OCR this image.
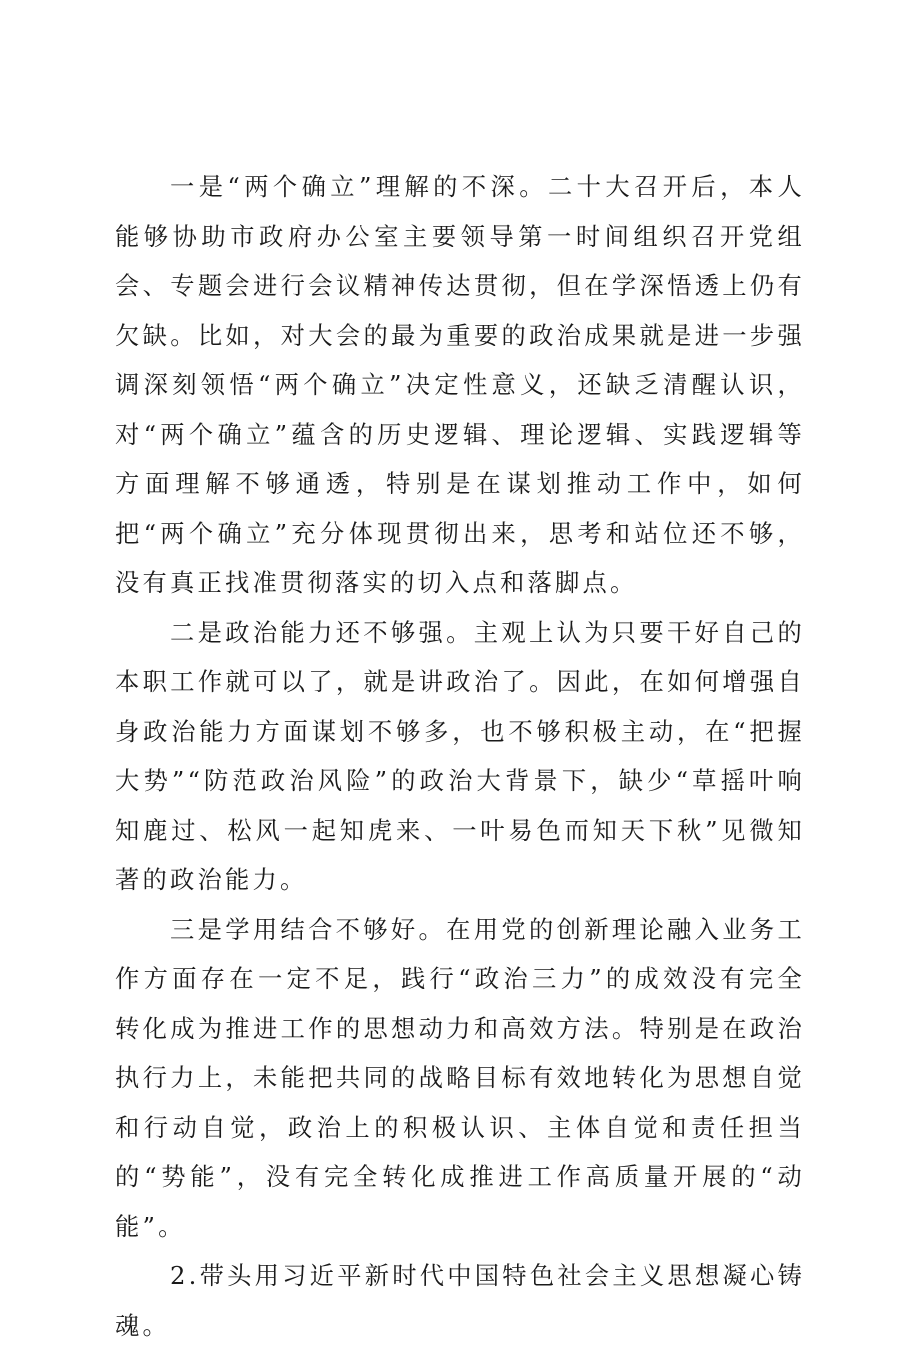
一是“两个确立”理解的不深。二十大召开后，本人能够协助市政府办公室主要领导第一时间组织召开党组会、专题会进行会议精神传达贯彻，但在学深悟透上仍有欠缺。比如，对大会的最为重要的政治成果就是进一步强调深刻领悟“两个确立”决定性意义，还缺乏清醒认识，对“两个确立”蕴含的历史逻辑、理论逻辑、实践逻辑等方面理解不够通透，特别是在谋划推动工作中，如何把“两个确立”充分体现贯彻出来，思考和站位还不够，没有真正找准贯彻落实的切入点和落脚点。

二是政治能力还不够强。主观上认为只要干好自己的本职工作就可以了，就是讲政治了。因此，在如何增强自身政治能力方面谋划不够多，也不够积极主动，在“把握大势”“防范政治风险”的政治大背景下，缺少“草摇叶响知鹿过、松风一起知虎来、一叶易色而知天下秋”见微知著的政治能力。

三是学用结合不够好。在用党的创新理论融入业务工作方面存在一定不足，践行“政治三力”的成效没有完全转化成为推进工作的思想动力和高效方法。特别是在政治执行力上，未能把共同的战略目标有效地转化为思想自觉和行动自觉，政治上的积极认识、主体自觉和责任担当的“势能”，没有完全转化成推进工作高质量开展的“动能”。

2.带头用习近平新时代中国特色社会主义思想凝心铸魂。
